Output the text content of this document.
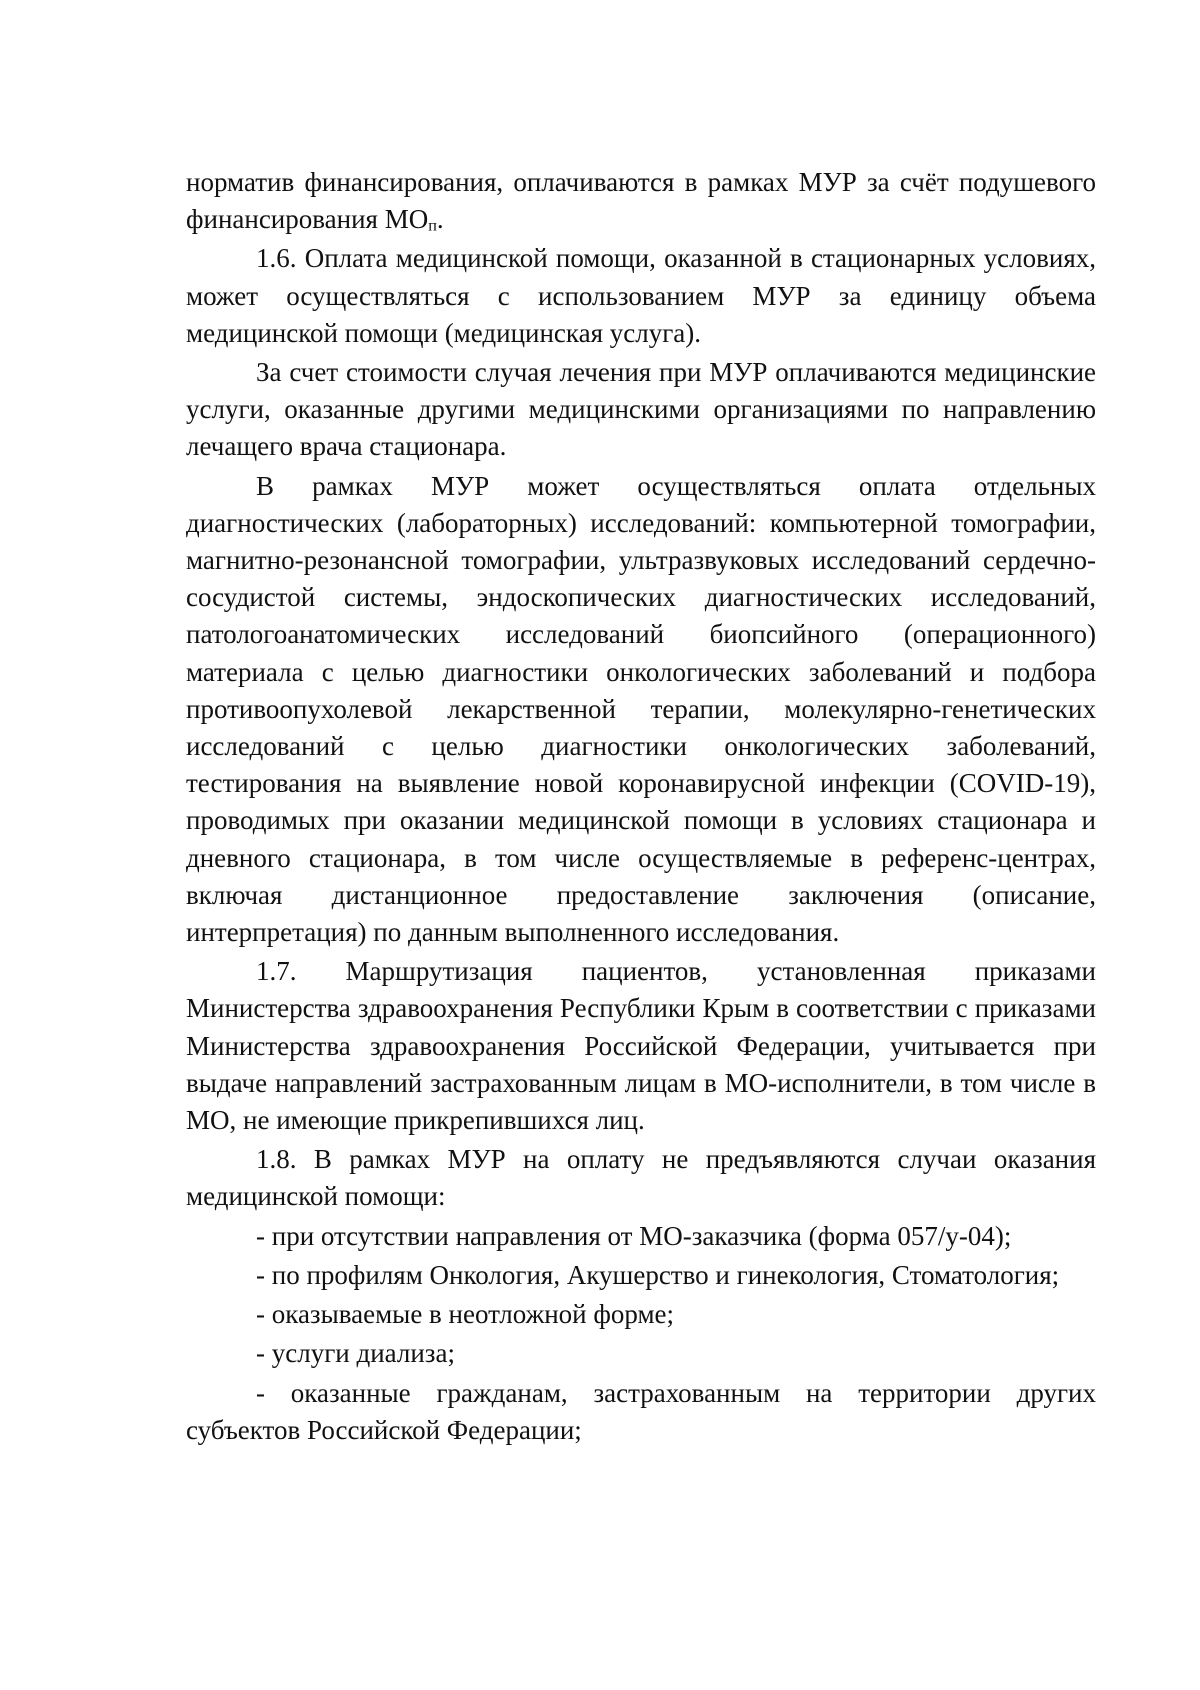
норматив финансирования, оплачиваются в рамках МУР за счёт подушевого финансирования $МО_п$.

1.6. Оплата медицинской помощи, оказанной в стационарных условиях, может осуществляться с использованием МУР за единицу объема медицинской помощи (медицинская услуга).

За счет стоимости случая лечения при МУР оплачиваются медицинские услуги, оказанные другими медицинскими организациями по направлению лечащего врача стационара.

В рамках МУР может осуществляться оплата отдельных диагностических (лабораторных) исследований: компьютерной томографии, магнитно-резонансной томографии, ультразвуковых исследований сердечно-сосудистой системы, эндоскопических диагностических исследований, патологоанатомических исследований биопсийного (операционного) материала с целью диагностики онкологических заболеваний и подбора противоопухолевой лекарственной терапии, молекулярно-генетических исследований с целью диагностики онкологических заболеваний, тестирования на выявление новой коронавирусной инфекции (COVID-19), проводимых при оказании медицинской помощи в условиях стационара и дневного стационара, в том числе осуществляемые в референс-центрах, включая дистанционное предоставление заключения (описание, интерпретация) по данным выполненного исследования.

1.7. Маршрутизация пациентов, установленная приказами Министерства здравоохранения Республики Крым в соответствии с приказами Министерства здравоохранения Российской Федерации, учитывается при выдаче направлений застрахованным лицам в МО-исполнители, в том числе в МО, не имеющие прикрепившихся лиц.

1.8. В рамках МУР на оплату не предъявляются случаи оказания медицинской помощи:

- при отсутствии направления от МО-заказчика (форма 057/у-04);

- по профилям Онкология, Акушерство и гинекология, Стоматология;

- оказываемые в неотложной форме;

- услуги диализа;

- оказанные гражданам, застрахованным на территории других субъектов Российской Федерации;
